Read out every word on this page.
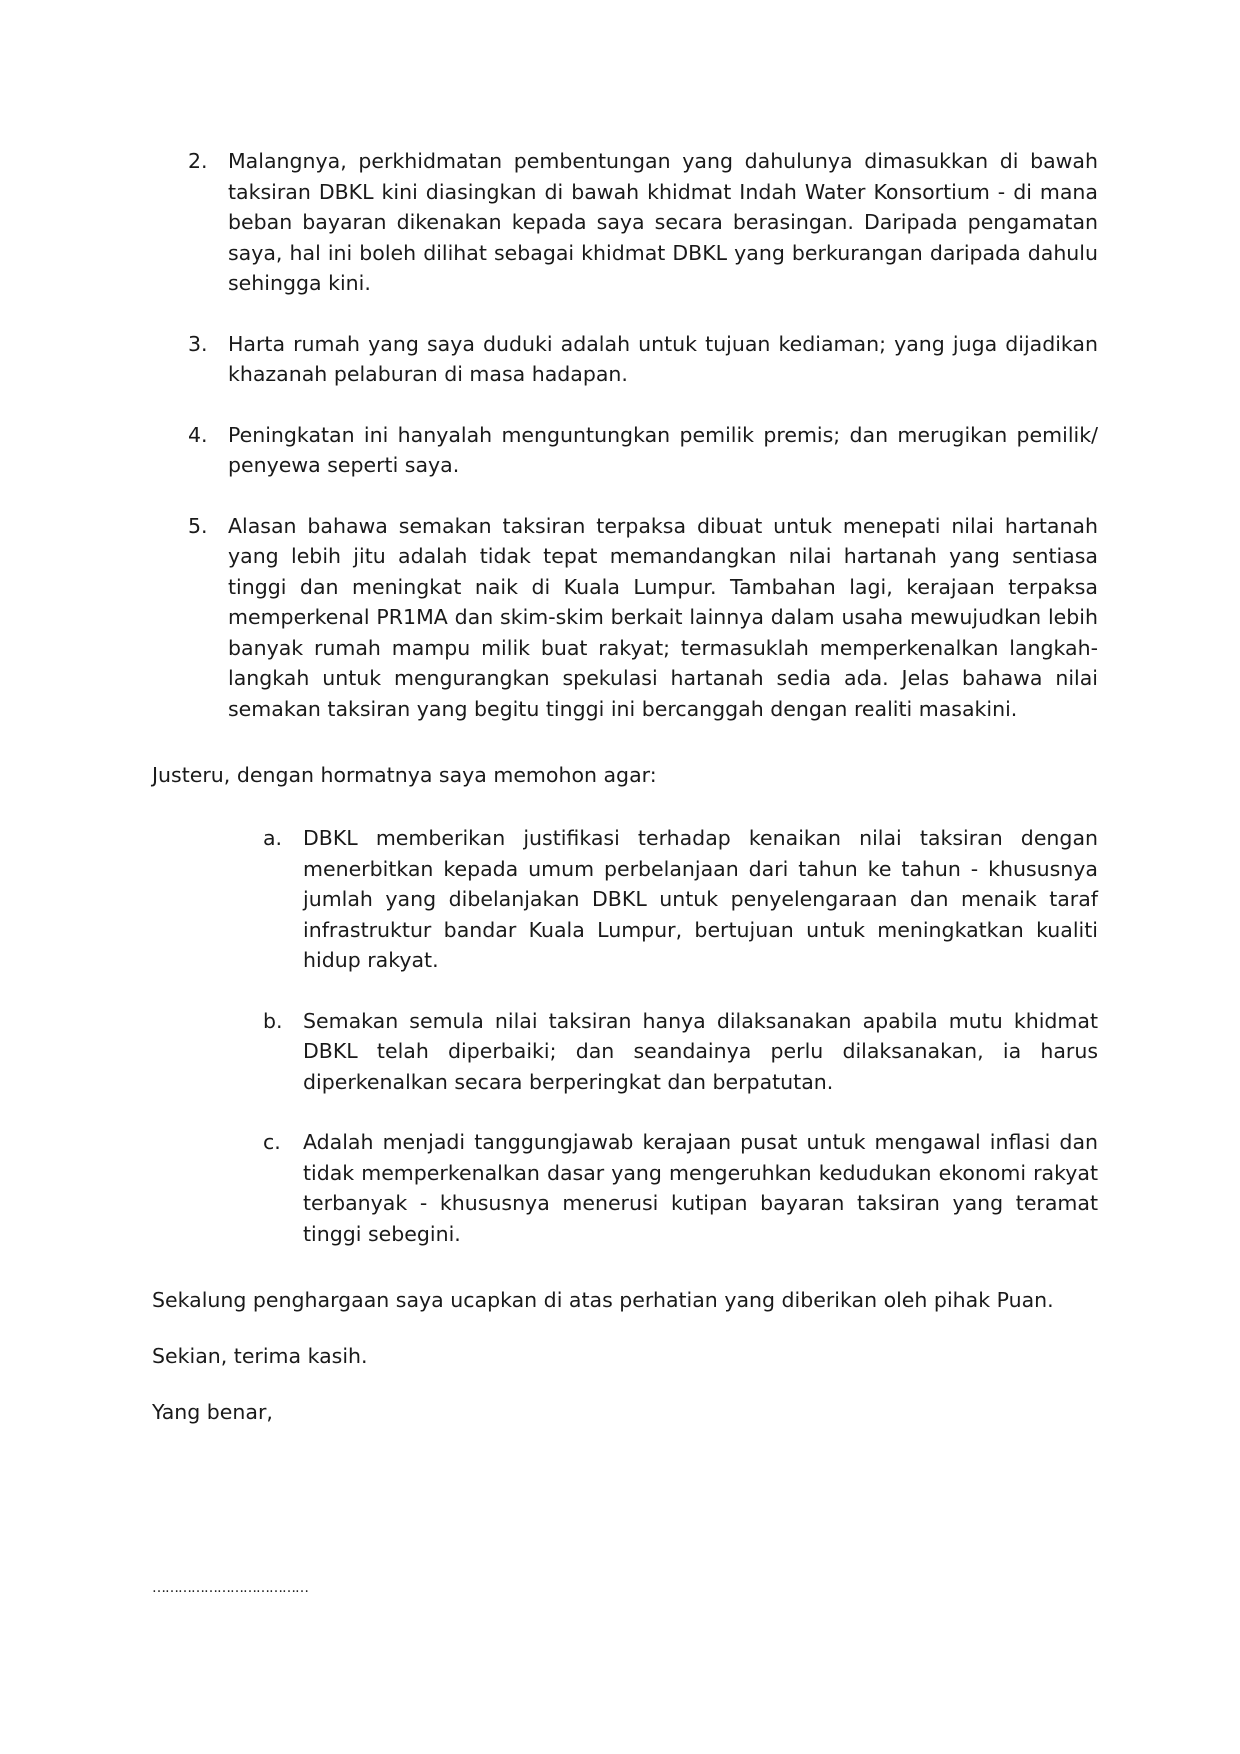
2. Malangnya, perkhidmatan pembentungan yang dahulunya dimasukkan di bawah taksiran DBKL kini diasingkan di bawah khidmat Indah Water Konsortium - di mana beban bayaran dikenakan kepada saya secara berasingan. Daripada pengamatan saya, hal ini boleh dilihat sebagai khidmat DBKL yang berkurangan daripada dahulu sehingga kini.

3. Harta rumah yang saya duduki adalah untuk tujuan kediaman; yang juga dijadikan khazanah pelaburan di masa hadapan.

4. Peningkatan ini hanyalah menguntungkan pemilik premis; dan merugikan pemilik/ penyewa seperti saya.

5. Alasan bahawa semakan taksiran terpaksa dibuat untuk menepati nilai hartanah yang lebih jitu adalah tidak tepat memandangkan nilai hartanah yang sentiasa tinggi dan meningkat naik di Kuala Lumpur. Tambahan lagi, kerajaan terpaksa memperkenal PR1MA dan skim-skim berkait lainnya dalam usaha mewujudkan lebih banyak rumah mampu milik buat rakyat; termasuklah memperkenalkan langkah-langkah untuk mengurangkan spekulasi hartanah sedia ada. Jelas bahawa nilai semakan taksiran yang begitu tinggi ini bercanggah dengan realiti masakini.

Justeru, dengan hormatnya saya memohon agar:

a.	DBKL memberikan justifikasi terhadap kenaikan nilai taksiran dengan menerbitkan kepada umum perbelanjaan dari tahun ke tahun - khususnya jumlah yang dibelanjakan DBKL untuk penyelengaraan dan menaik taraf infrastruktur bandar Kuala Lumpur, bertujuan untuk meningkatkan kualiti hidup rakyat.

b. Semakan semula nilai taksiran hanya dilaksanakan apabila mutu khidmat DBKL telah diperbaiki; dan seandainya perlu dilaksanakan, ia harus diperkenalkan secara berperingkat dan berpatutan.

c.	Adalah menjadi tanggungjawab kerajaan pusat untuk mengawal inflasi dan tidak memperkenalkan dasar yang mengeruhkan kedudukan ekonomi rakyat terbanyak - khususnya menerusi kutipan bayaran taksiran yang teramat tinggi sebegini.

Sekalung penghargaan saya ucapkan di atas perhatian yang diberikan oleh pihak Puan.

Sekian, terima kasih.

Yang benar,

………………………………
